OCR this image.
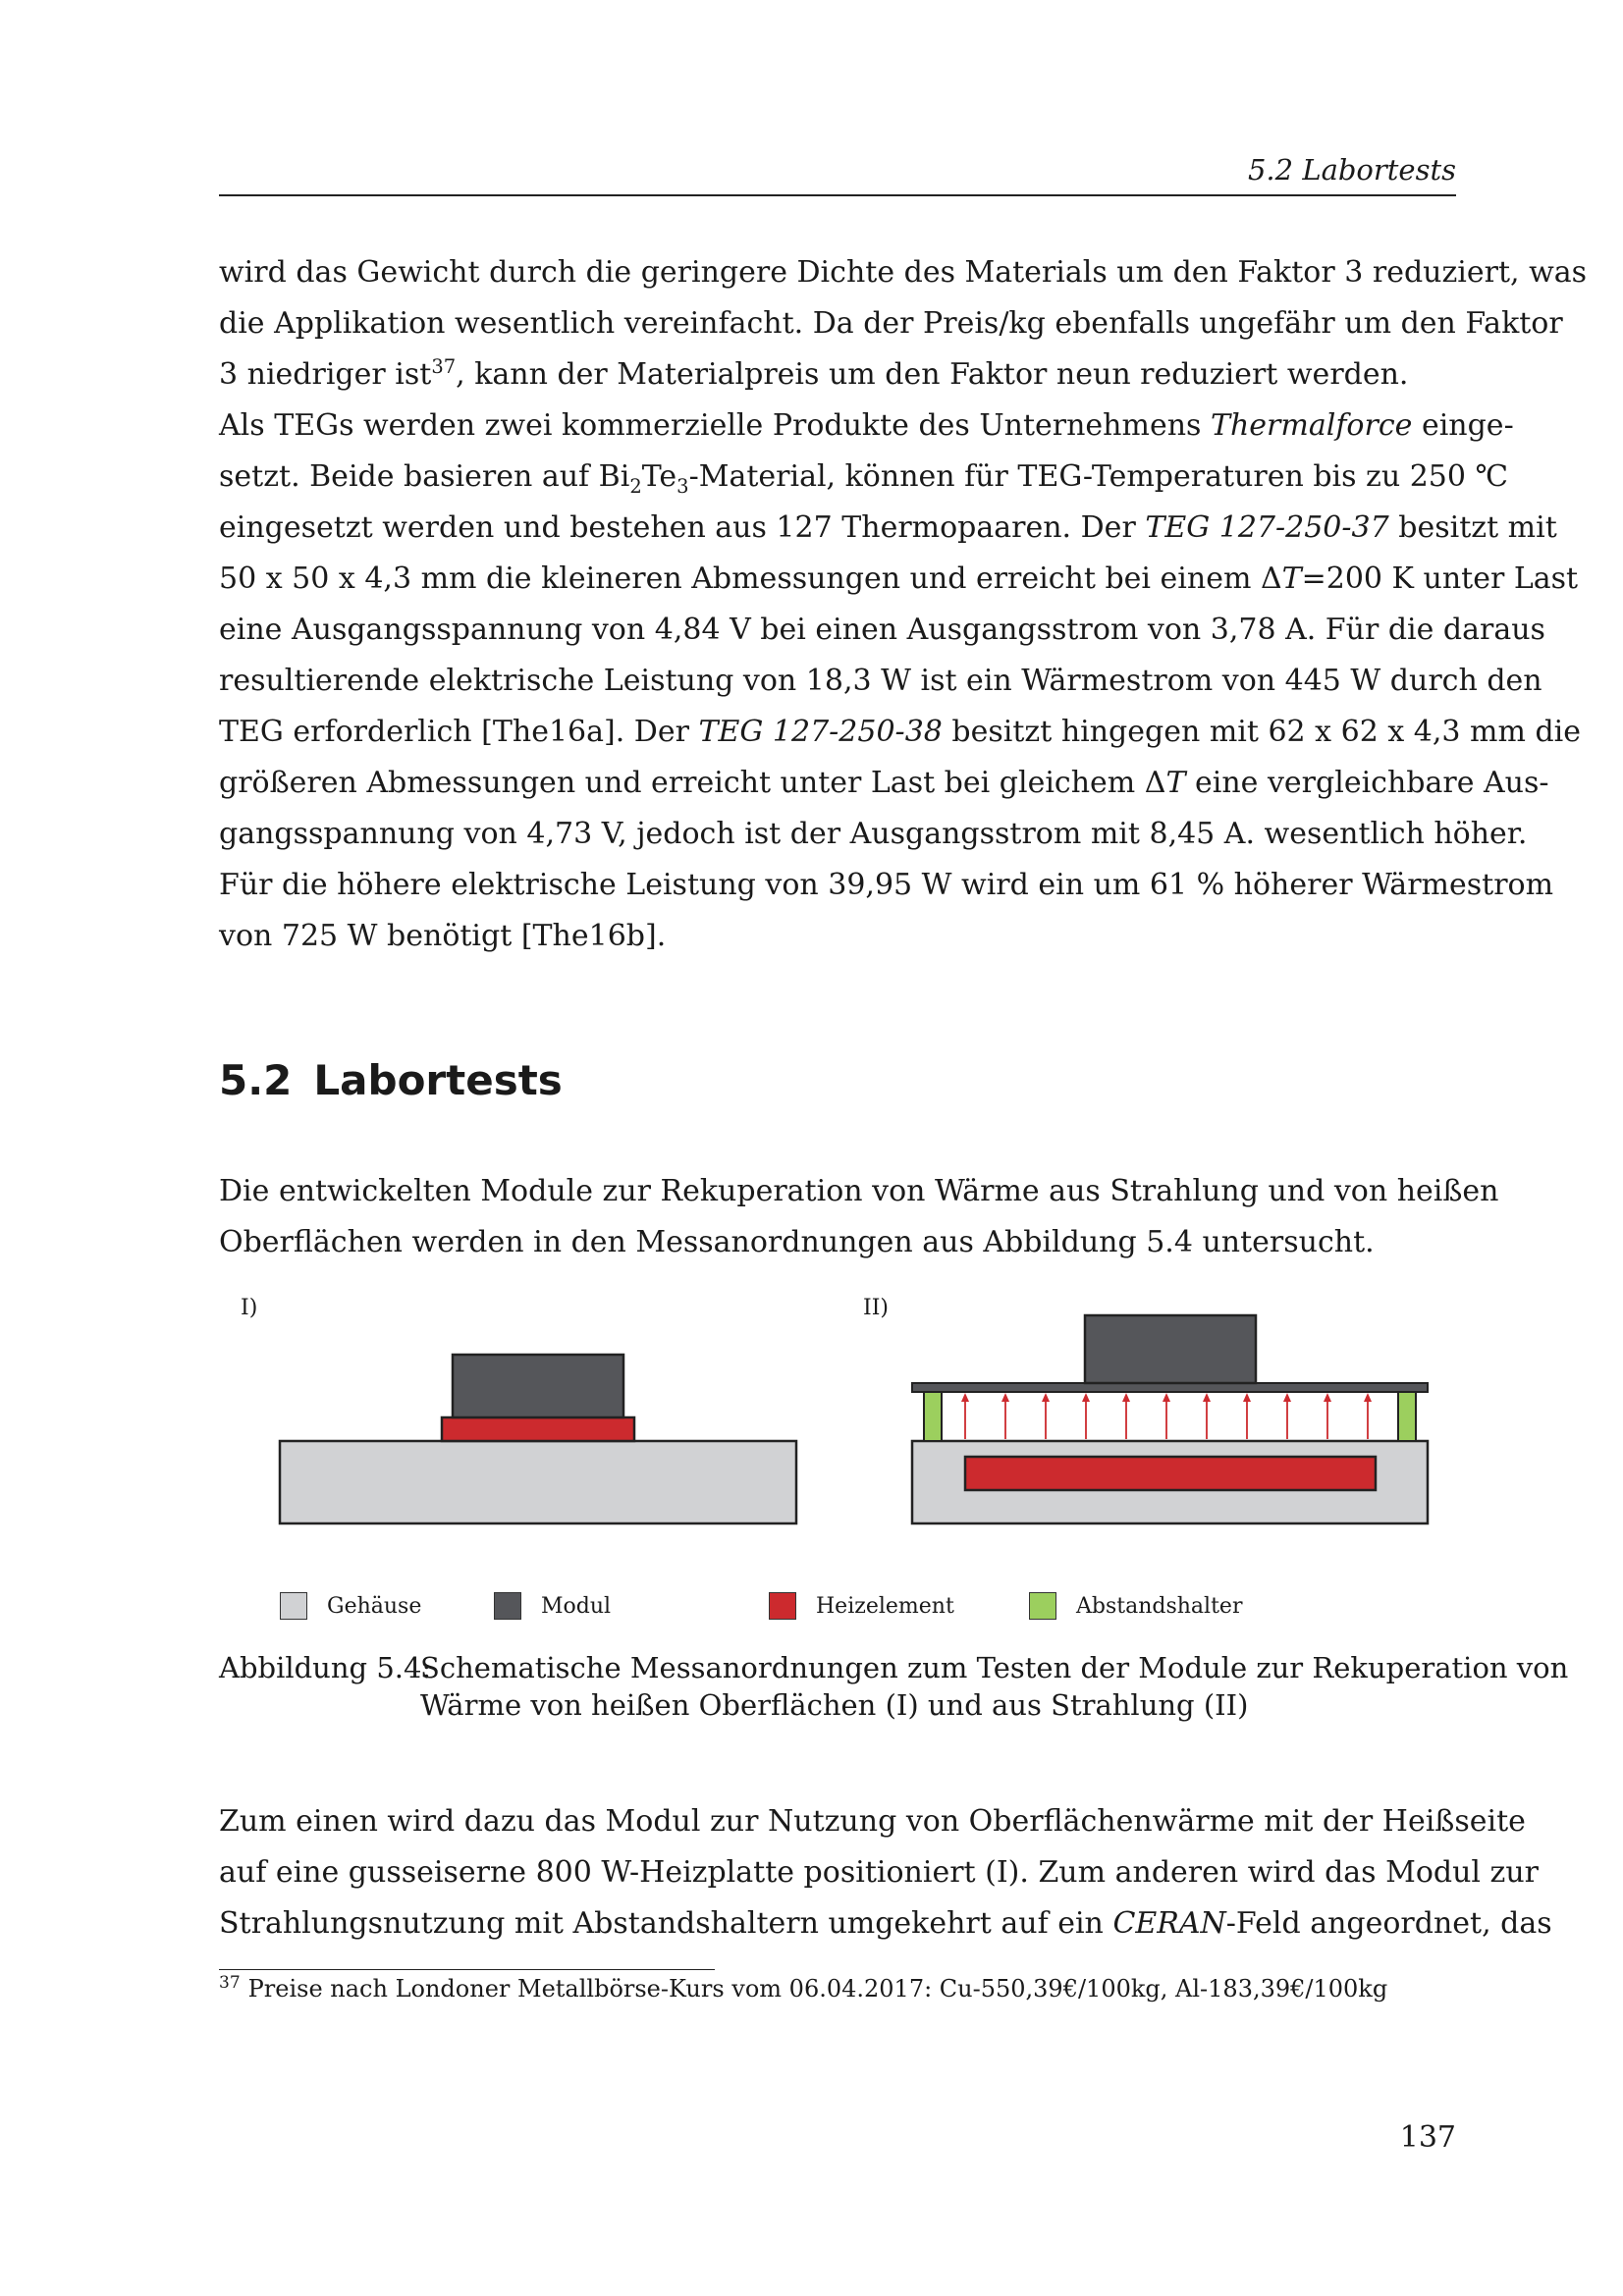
5.2 Labortests
wird das Gewicht durch die geringere Dichte des Materials um den Faktor 3 reduziert, was
die Applikation wesentlich vereinfacht. Da der Preis/kg ebenfalls ungefähr um den Faktor
3 niedriger ist$^{37}$, kann der Materialpreis um den Faktor neun reduziert werden.
Als TEGs werden zwei kommerzielle Produkte des Unternehmens Thermalforce einge-
setzt. Beide basieren auf $Bi_2Te_3$-Material, können für TEG-Temperaturen bis zu 250 ℃
eingesetzt werden und bestehen aus 127 Thermopaaren. Der TEG 127-250-37 besitzt mit
50 x 50 x 4,3 mm die kleineren Abmessungen und erreicht bei einem ΔT=200 K unter Last
eine Ausgangsspannung von 4,84 V bei einen Ausgangsstrom von 3,78 A. Für die daraus
resultierende elektrische Leistung von 18,3 W ist ein Wärmestrom von 445 W durch den
TEG erforderlich [The16a]. Der TEG 127-250-38 besitzt hingegen mit 62 x 62 x 4,3 mm die
größeren Abmessungen und erreicht unter Last bei gleichem ΔT eine vergleichbare Aus-
gangsspannung von 4,73 V, jedoch ist der Ausgangsstrom mit 8,45 A. wesentlich höher.
Für die höhere elektrische Leistung von 39,95 W wird ein um 61 % höherer Wärmestrom
von 725 W benötigt [The16b].
5.2 Labortests
Die entwickelten Module zur Rekuperation von Wärme aus Strahlung und von heißen
Oberflächen werden in den Messanordnungen aus Abbildung 5.4 untersucht.
I)	II)
Gehäuse	Modul	Heizelement	Abstandshalter
Abbildung 5.4:
Schematische Messanordnungen zum Testen der Module zur Rekuperation von
Wärme von heißen Oberflächen (I) und aus Strahlung (II)
Zum einen wird dazu das Modul zur Nutzung von Oberflächenwärme mit der Heißseite
auf eine gusseiserne 800 W-Heizplatte positioniert (I). Zum anderen wird das Modul zur
Strahlungsnutzung mit Abstandshaltern umgekehrt auf ein CERAN-Feld angeordnet, das
$^{37}$ Preise nach Londoner Metallbörse-Kurs vom 06.04.2017: Cu-550,39€/100kg, Al-183,39€/100kg
137
